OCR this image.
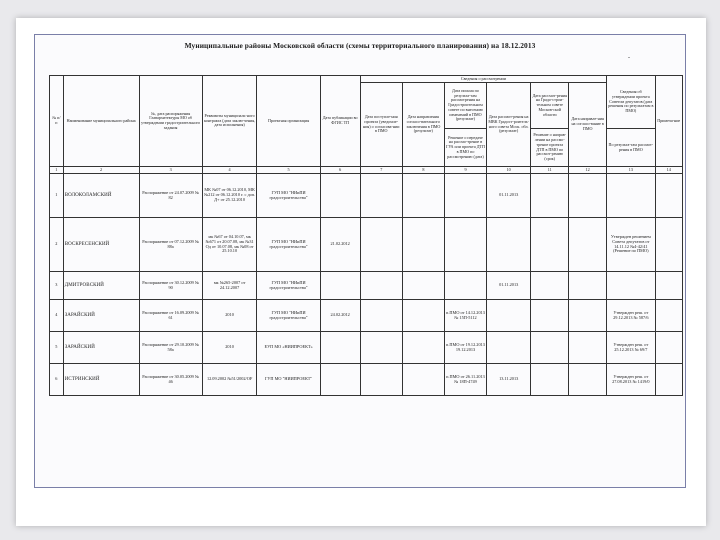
Муниципальные районы Московской области (схемы территориального планирования) на 18.12.2013
.
№ п/ п	Наименование муниципального района	№, дата распоряжения Главархитектуры МО об утверждении градостроительного задания	Реквизиты муниципаль-ного контракта (дата заклю-чения, дата исполнения)	Проектная организация	Дата публикации во ФГИС ТП	Сведения о рассмотрении						Сведения об утверждении проекта Советом депутатов (дата решения по результатам в ПМО)	Примеча-ние
						Дата поступле-ния проекта (уведомле-ния) о согласова-нии в ПМО	Дата направления согласо-вательного заключения в ПМО (результат)	Дата письма по результа-там рассмотрения на Градостроительном совете по внесению изменений в ПМО (результат)	Дата рассмот-рения на МВК Градост-роитель-ного совета Моск. обл. (результат)	Дата рассмот-рения на Градо-строи-тельном совете Москов-ской области	Дата направле-ния на согласо-вание в ПМО		
								Решение о передаче на рассмо-трение в ГУА или проекта ДТП в ПМО по рассмотрению (дата)		Решение о направ-лении на рассмо-трение проекта ДТП в ПМО по рассмот-рению (срок)		По результа-там рассмот-рения в ПМО	
1	2	3	4	5	6	7	8	9	10	11	12	13	14
1	ВОЛОКОЛАМСКИЙ	Распоряжение от 24.07.2009 № 82	МК №07 от 06.12.2010, МК №212 от 06.12.2010 г. с доп. Д+ от 25.12.2010	ГУП МО "НИиПИ градостроительства"					01.11.2013				
2	ВОСКРЕСЕНСКИЙ	Распоряжение от 07.12.2009 № 88а	мк №67 от 04.10.07, мк №671 от 20.07.08, мк №31 Од от 10.07.08, мк №08 от 25.10.10	ГУП МО "НИиПИ градостроительства"	21.02.2012							Утвержден решением Совета депутатов от 14.11.12 №4-42/41 (Решение по ПМО)	
3	ДМИТРОВСКИЙ	Распоряжение от 30.12.2009 № 90	мк №265-2007 от 24.12.2007	ГУП МО "НИиПИ градостроительства"					01.11.2013				
4	ЗАРАЙСКИЙ	Распоряжение от 16.09.2009 № 61	2010	ГУП МО "НИиПИ градостроительства"	24.02.2012			п.ПМО от 14.12.2013 № 15П-5112				Утвержден реш. от 29.12.2013 № 587/6	
5	ЗАРАЙСКИЙ	Распоряжение от 29.10.2009 № 58а	2010	ЕУП МО «НИИПРОЕКТ»				п.ПМО от 19.12.2013 19.12.2013				Утвержден реш. от 25.12.2013 № 69/7	
6	ИСТРИНСКИЙ	Распоряжение от 30.05.2009 № 46	12.09.2002 №51/2002/OF	ГУП МО "НИИПРОЕКТ"				п.ПМО от 26.11.2013 № 18П-4749	13.11.2013			Утвержден реш. от 27.08.2013 № 1419/0	
